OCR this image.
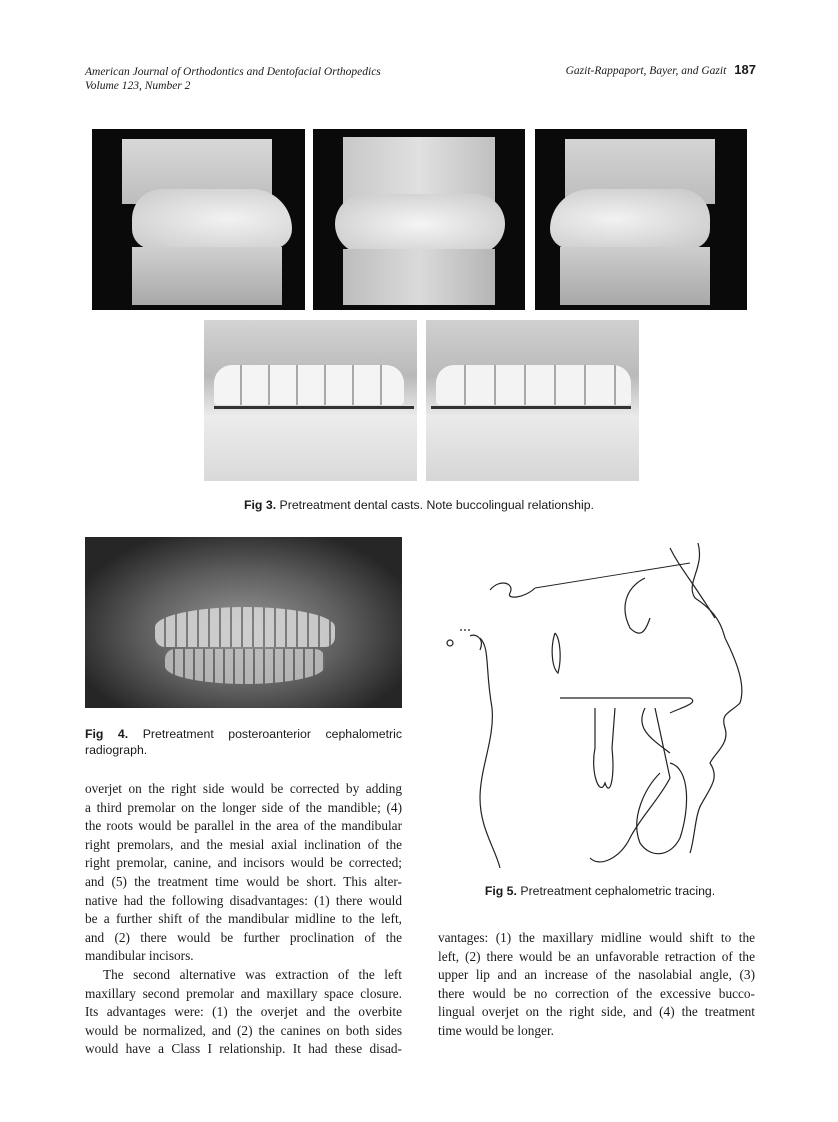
American Journal of Orthodontics and Dentofacial Orthopedics
Volume 123, Number 2
Gazit-Rappaport, Bayer, and Gazit 187
Fig 3. Pretreatment dental casts. Note buccolingual relationship.
Fig 4. Pretreatment posteroanterior cephalometric
radiograph.
Fig 5. Pretreatment cephalometric tracing.
overjet on the right side would be corrected by adding
a third premolar on the longer side of the mandible; (4)
the roots would be parallel in the area of the mandibular
right premolars, and the mesial axial inclination of the
right premolar, canine, and incisors would be corrected;
and (5) the treatment time would be short. This alter-
native had the following disadvantages: (1) there would
be a further shift of the mandibular midline to the left,
and (2) there would be further proclination of the
mandibular incisors.
The second alternative was extraction of the left
maxillary second premolar and maxillary space closure.
Its advantages were: (1) the overjet and the overbite
would be normalized, and (2) the canines on both sides
would have a Class I relationship. It had these disad-
vantages: (1) the maxillary midline would shift to the
left, (2) there would be an unfavorable retraction of the
upper lip and an increase of the nasolabial angle, (3)
there would be no correction of the excessive bucco-
lingual overjet on the right side, and (4) the treatment
time would be longer.
